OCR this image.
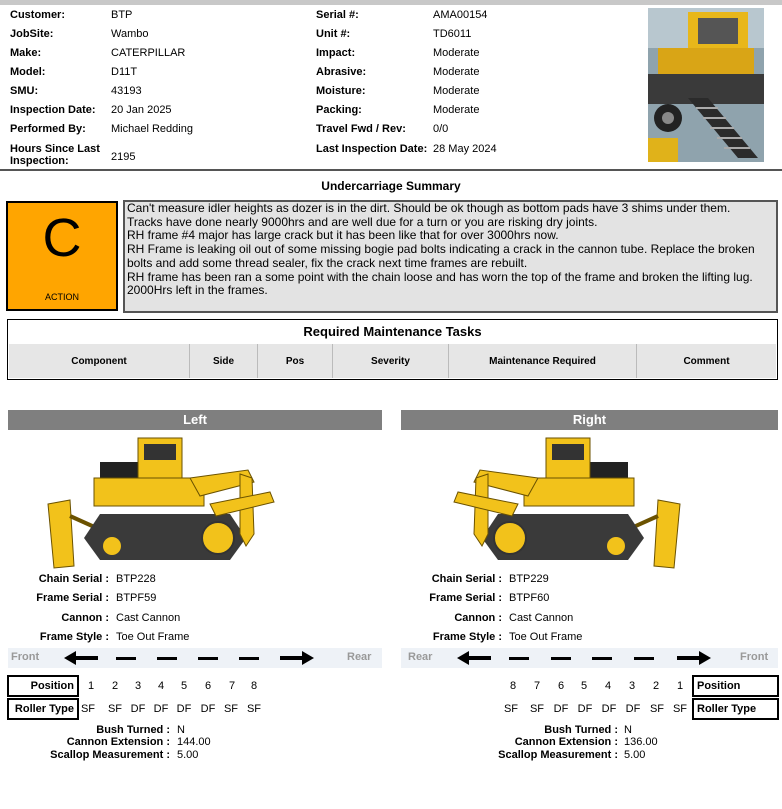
Customer:	BTP
JobSite:	Wambo
Make:	CATERPILLAR
Model:	D11T
SMU:	43193
Inspection Date: 20 Jan 2025
Performed By: Michael Redding
Hours Since Last Inspection:	2195
Serial #:	AMA00154
Unit #:	TD6011
Impact:	Moderate
Abrasive:	Moderate
Moisture:	Moderate
Packing:	Moderate
Travel Fwd / Rev: 0/0
Last Inspection Date: 28 May 2024
Undercarriage Summary
C
ACTION

Can't measure idler heights as dozer is in the dirt. Should be ok though as bottom pads have 3 shims under them.

Tracks have done nearly 9000hrs and are well due for a turn or you are risking dry joints.

RH frame #4 major has large crack but it has been like that for over 3000hrs now.

RH Frame is leaking oil out of some missing bogie pad bolts indicating a crack in the cannon tube. Replace the broken bolts and add some thread sealer, fix the crack next time frames are rebuilt.

RH frame has been ran a some point with the chain loose and has worn the top of the frame and broken the lifting lug.

2000Hrs left in the frames.

Required Maintenance Tasks
Component	Side	Pos	Severity	Maintenance Required	Comment
Left
Chain Serial : BTP228
Frame Serial : BTPF59
Cannon : Cast Cannon
Frame Style : Toe Out Frame
Front	Rear
Position
Roller Type
1	2	3	4	5	6	7	8
SF SF DF DF DF DF SF SF
Bush Turned : N
Cannon Extension : 144.00
Scallop Measurement : 5.00
Right
Chain Serial : BTP229
Frame Serial : BTPF60
Cannon : Cast Cannon
Frame Style : Toe Out Frame
Rear	Front
8	7	6	5	4	3	2	1
SF SF DF DF DF DF SF SF
Position
Roller Type
Bush Turned : N
Cannon Extension : 136.00
Scallop Measurement : 5.00
